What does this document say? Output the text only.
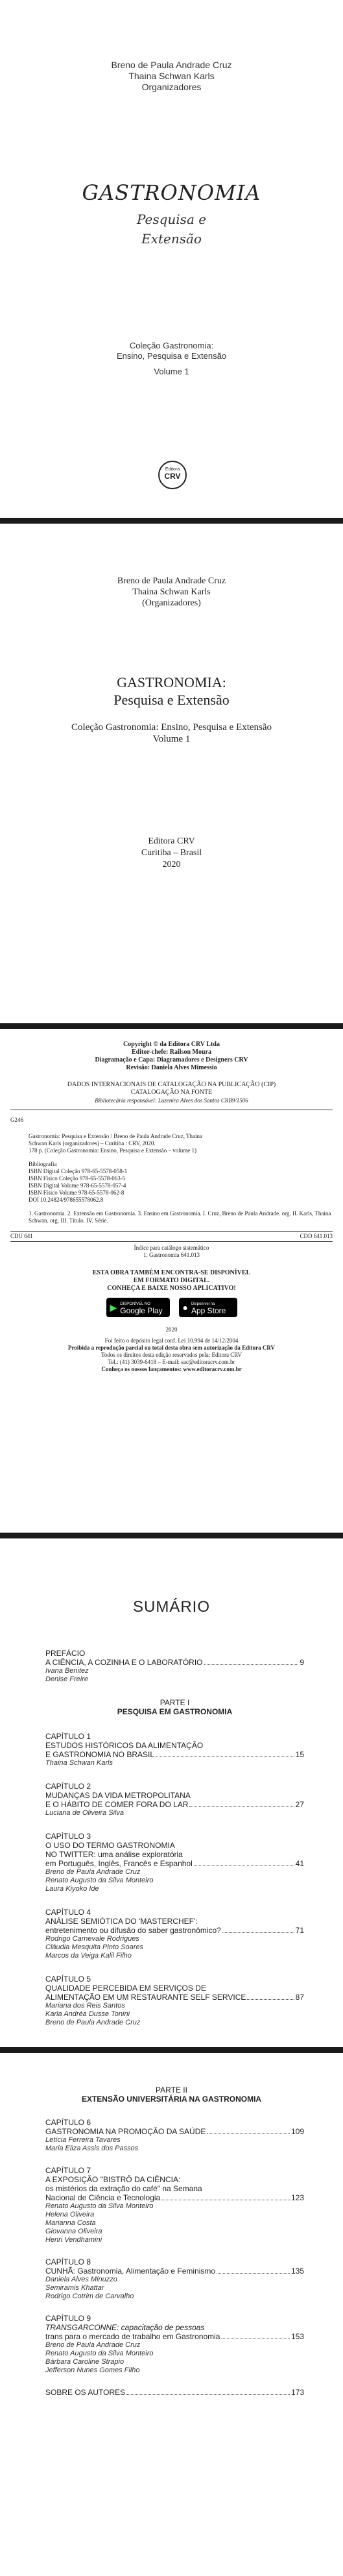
Breno de Paula Andrade Cruz
Thaina Schwan Karls
Organizadores
GASTRONOMIA
Pesquisa e
Extensão
Coleção Gastronomia:
Ensino, Pesquisa e Extensão
Volume 1
Editora
CRV
Breno de Paula Andrade Cruz
Thaina Schwan Karls
(Organizadores)
GASTRONOMIA:
Pesquisa e Extensão
Coleção Gastronomia: Ensino, Pesquisa e Extensão
Volume 1
Editora CRV
Curitiba – Brasil
2020
Copyright © da Editora CRV Ltda
Editor-chefe: Railson Moura
Diagramação e Capa: Diagramadores e Designers CRV
Revisão: Daniela Alves Mimessio
DADOS INTERNACIONAIS DE CATALOGAÇÃO NA PUBLICAÇÃO (CIP)
CATALOGAÇÃO NA FONTE
Bibliotecária responsável: Luzenira Alves dos Santos CRB9/1506
G246
Gastronomia: Pesquisa e Extensão / Breno de Paula Andrade Cruz, Thaina
Schwan Karls (organizadores) – Curitiba : CRV, 2020.
178 p. (Coleção Gastronomia: Ensino, Pesquisa e Extensão – volume 1)
Bibliografia
ISBN Digital Coleção 978-65-5578-058-1
ISBN Físico Coleção 978-65-5578-063-5
ISBN Digital Volume 978-65-5578-057-4
ISBN Físico Volume 978-65-5578-062-8
DOI 10.24824/978655578062.8
1. Gastronomia. 2. Extensão em Gastronomia. 3. Ensino em Gastronomia. I. Cruz, Breno de Paula Andrade. org. II. Karls, Thaina Schwan. org. III. Título. IV. Série.
CDU 641	CDD 641.013
Índice para catálogo sistemático
1. Gastronomia 641.013
ESTA OBRA TAMBÉM ENCONTRA-SE DISPONÍVEL
EM FORMATO DIGITAL.
CONHEÇA E BAIXE NOSSO APLICATIVO!
▶ DISPONÍVEL NO
Google Play ● Disponível na
App Store
2020
Foi feito o depósito legal conf. Lei 10.994 de 14/12/2004
Proibida a reprodução parcial ou total desta obra sem autorização da Editora CRV
Todos os direitos desta edição reservados pela: Editora CRV
Tel.: (41) 3039-6418 – E-mail: sac@editoracrv.com.br
Conheça os nossos lançamentos: www.editoracrv.com.br
SUMÁRIO
PREFÁCIO
A CIÊNCIA, A COZINHA E O LABORATÓRIO	9
Ivana Benitez
Denise Freire
PARTE I
PESQUISA EM GASTRONOMIA
CAPÍTULO 1
ESTUDOS HISTÓRICOS DA ALIMENTAÇÃO
E GASTRONOMIA NO BRASIL	15
Thaina Schwan Karls
CAPÍTULO 2
MUDANÇAS DA VIDA METROPOLITANA
E O HÁBITO DE COMER FORA DO LAR	27
Luciana de Oliveira Silva
CAPÍTULO 3
O USO DO TERMO GASTRONOMIA
NO TWITTER: uma análise exploratória
em Português, Inglês, Francês e Espanhol	41
Breno de Paula Andrade Cruz
Renato Augusto da Silva Monteiro
Laura Kiyoko Ide
CAPÍTULO 4
ANÁLISE SEMIÓTICA DO 'MASTERCHEF':
entretenimento ou difusão do saber gastronômico?	71
Rodrigo Carnevale Rodrigues
Cláudia Mesquita Pinto Soares
Marcos da Veiga Kalil Filho
CAPÍTULO 5
QUALIDADE PERCEBIDA EM SERVIÇOS DE
ALIMENTAÇÃO EM UM RESTAURANTE SELF SERVICE	87
Mariana dos Reis Santos
Karla Andréa Dusse Tonini
Breno de Paula Andrade Cruz
PARTE II
EXTENSÃO UNIVERSITÁRIA NA GASTRONOMIA
CAPÍTULO 6
GASTRONOMIA NA PROMOÇÃO DA SAÚDE	109
Letícia Ferreira Tavares
Maria Eliza Assis dos Passos
CAPÍTULO 7
A EXPOSIÇÃO "BISTRÔ DA CIÊNCIA:
os mistérios da extração do café" na Semana
Nacional de Ciência e Tecnologia	123
Renato Augusto da Silva Monteiro
Helena Oliveira
Marianna Costa
Giovanna Oliveira
Henri Vendhamini
CAPÍTULO 8
CUNHÃ: Gastronomia, Alimentação e Feminismo	135
Daniela Alves Minuzzo
Semiramis Khattar
Rodrigo Cotrim de Carvalho
CAPÍTULO 9
TRANSGARCONNE: capacitação de pessoas
trans para o mercado de trabalho em Gastronomia	153
Breno de Paula Andrade Cruz
Renato Augusto da Silva Monteiro
Bárbara Caroline Strapio
Jefferson Nunes Gomes Filho
SOBRE OS AUTORES	173
